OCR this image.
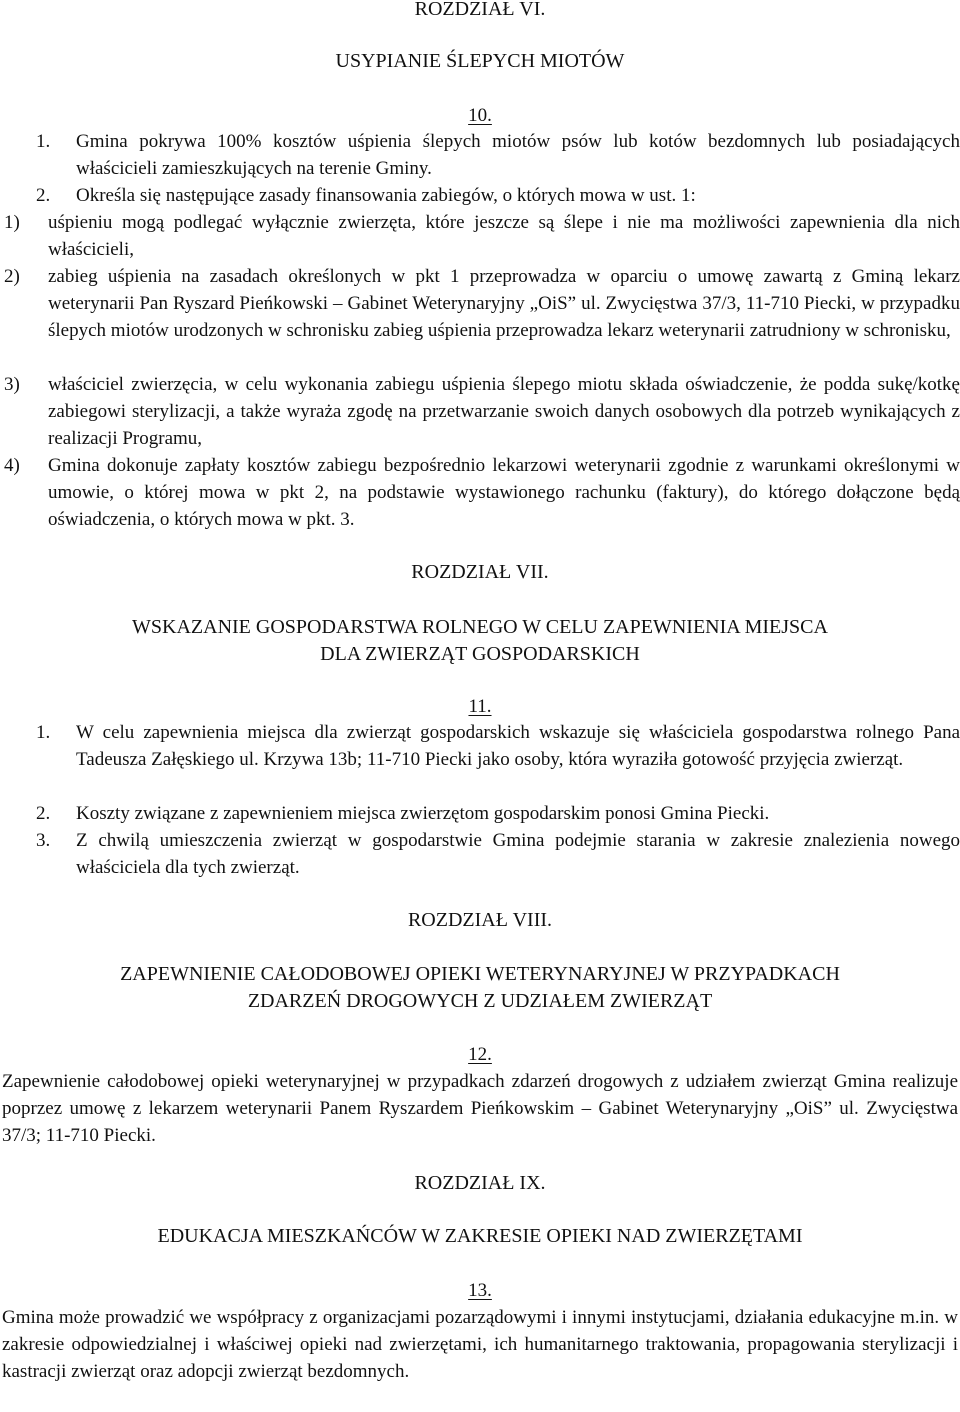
ROZDZIAŁ VI.
USYPIANIE ŚLEPYCH MIOTÓW
10.
1. Gmina pokrywa 100% kosztów uśpienia ślepych miotów psów lub kotów bezdomnych lub posiadających właścicieli zamieszkujących na terenie Gminy.
2. Określa się następujące zasady finansowania zabiegów, o których mowa w ust. 1:
1) uśpieniu mogą podlegać wyłącznie zwierzęta, które jeszcze są ślepe i nie ma możliwości zapewnienia dla nich właścicieli,
2) zabieg uśpienia na zasadach określonych w pkt 1 przeprowadza w oparciu o umowę zawartą z Gminą lekarz weterynarii Pan Ryszard Pieńkowski – Gabinet Weterynaryjny „OiS” ul. Zwycięstwa 37/3, 11-710 Piecki, w przypadku ślepych miotów urodzonych w schronisku zabieg uśpienia przeprowadza lekarz weterynarii zatrudniony w schronisku,
3) właściciel zwierzęcia, w celu wykonania zabiegu uśpienia ślepego miotu składa oświadczenie, że podda sukę/kotkę zabiegowi sterylizacji, a także wyraża zgodę na przetwarzanie swoich danych osobowych dla potrzeb wynikających z realizacji Programu,
4) Gmina dokonuje zapłaty kosztów zabiegu bezpośrednio lekarzowi weterynarii zgodnie z warunkami określonymi w umowie, o której mowa w pkt 2, na podstawie wystawionego rachunku (faktury), do którego dołączone będą oświadczenia, o których mowa w pkt. 3.
ROZDZIAŁ VII.
WSKAZANIE GOSPODARSTWA ROLNEGO W CELU ZAPEWNIENIA MIEJSCA
DLA ZWIERZĄT GOSPODARSKICH
11.
1. W celu zapewnienia miejsca dla zwierząt gospodarskich wskazuje się właściciela gospodarstwa rolnego Pana Tadeusza Załęskiego ul. Krzywa 13b; 11-710 Piecki jako osoby, która wyraziła gotowość przyjęcia zwierząt.
2. Koszty związane z zapewnieniem miejsca zwierzętom gospodarskim ponosi Gmina Piecki.
3. Z chwilą umieszczenia zwierząt w gospodarstwie Gmina podejmie starania w zakresie znalezienia nowego właściciela dla tych zwierząt.
ROZDZIAŁ VIII.
ZAPEWNIENIE CAŁODOBOWEJ OPIEKI WETERYNARYJNEJ W PRZYPADKACH
ZDARZEŃ DROGOWYCH Z UDZIAŁEM ZWIERZĄT
12.
Zapewnienie całodobowej opieki weterynaryjnej w przypadkach zdarzeń drogowych z udziałem zwierząt Gmina realizuje poprzez umowę z lekarzem weterynarii Panem Ryszardem Pieńkowskim – Gabinet Weterynaryjny „OiS” ul. Zwycięstwa 37/3; 11-710 Piecki.
ROZDZIAŁ IX.
EDUKACJA MIESZKAŃCÓW W ZAKRESIE OPIEKI NAD ZWIERZĘTAMI
13.
Gmina może prowadzić we współpracy z organizacjami pozarządowymi i innymi instytucjami, działania edukacyjne m.in. w zakresie odpowiedzialnej i właściwej opieki nad zwierzętami, ich humanitarnego traktowania, propagowania sterylizacji i kastracji zwierząt oraz adopcji zwierząt bezdomnych.
